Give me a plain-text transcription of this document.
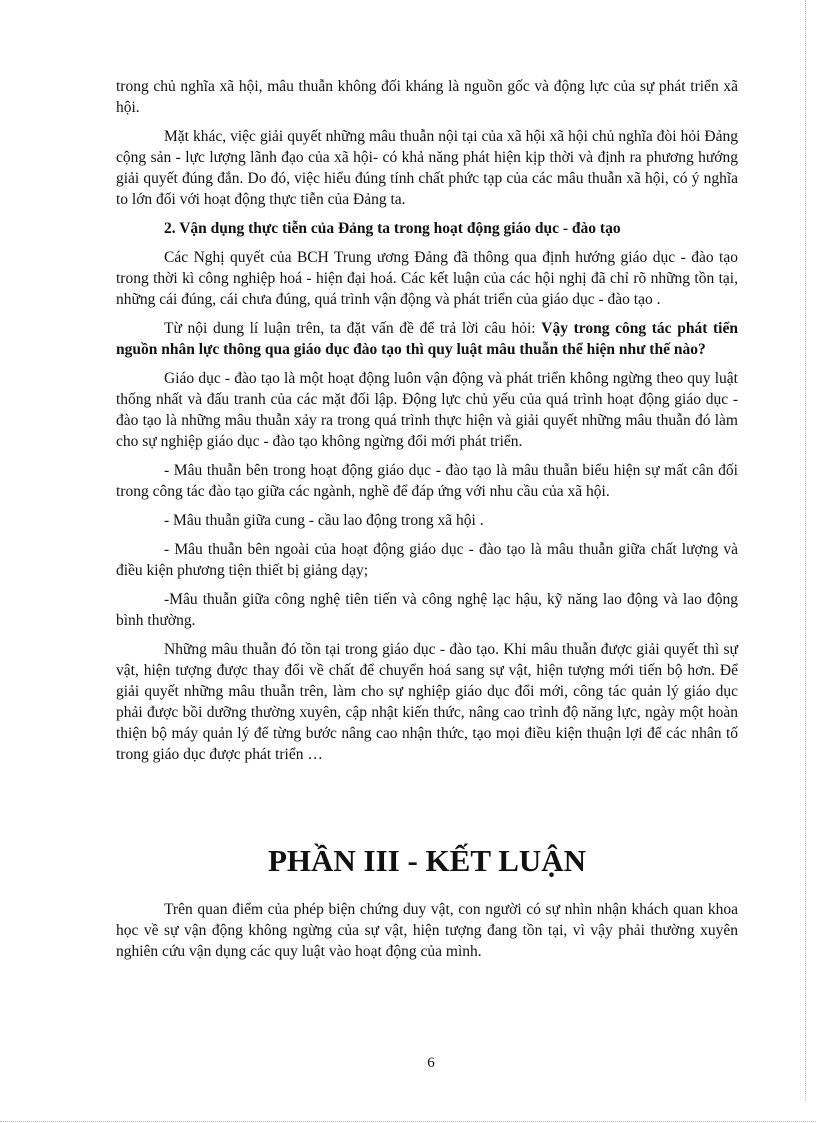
trong chủ nghĩa xã hội, mâu thuẫn không đối kháng là nguồn gốc và động lực của sự phát triển xã hội.

Mặt khác, việc giải quyết những mâu thuẫn nội tại của xã hội xã hội chủ nghĩa đòi hỏi Đảng cộng sản - lực lượng lãnh đạo của xã hội- có khả năng phát hiện kịp thời và định ra phương hướng giải quyết đúng đắn. Do đó, việc hiểu đúng tính chất phức tạp của các mâu thuẫn xã hội, có ý nghĩa to lớn đối với hoạt động thực tiễn của Đảng ta.

2. Vận dụng thực tiễn của Đảng ta trong hoạt động giáo dục - đào tạo

Các Nghị quyết của BCH Trung ương Đảng đã thông qua định hướng giáo dục - đào tạo trong thời kì công nghiệp hoá - hiện đại hoá. Các kết luận của các hội nghị đã chỉ rõ những tồn tại, những cái đúng, cái chưa đúng, quá trình vận động và phát triển của giáo dục - đào tạo .

Từ nội dung lí luận trên, ta đặt vấn đề để trả lời câu hỏi: Vậy trong công tác phát tiển nguồn nhân lực thông qua giáo dục đào tạo thì quy luật mâu thuẫn thể hiện như thế nào?

Giáo dục - đào tạo là một hoạt động luôn vận động và phát triển không ngừng theo quy luật thống nhất và đấu tranh của các mặt đối lập. Động lực chủ yếu của quá trình hoạt động giáo dục - đào tạo là những mâu thuẫn xảy ra trong quá trình thực hiện và giải quyết những mâu thuẫn đó làm cho sự nghiệp giáo dục - đào tạo không ngừng đổi mới phát triển.

- Mâu thuẫn bên trong hoạt động giáo dục - đào tạo là mâu thuẫn biểu hiện sự mất cân đối trong công tác đào tạo giữa các ngành, nghề để đáp ứng với nhu cầu của xã hội.

- Mâu thuẫn giữa cung - cầu lao động trong xã hội .

- Mâu thuẫn bên ngoài của hoạt động giáo dục - đào tạo là mâu thuẫn giữa chất lượng và điều kiện phương tiện thiết bị giảng dạy;

-Mâu thuẫn giữa công nghệ tiên tiến và công nghệ lạc hậu, kỹ năng lao động và lao động bình thường.

Những mâu thuẫn đó tồn tại trong giáo dục - đào tạo. Khi mâu thuẫn được giải quyết thì sự vật, hiện tượng được thay đổi về chất để chuyển hoá sang sự vật, hiện tượng mới tiến bộ hơn. Để giải quyết những mâu thuẫn trên, làm cho sự nghiệp giáo dục đổi mới, công tác quản lý giáo dục phải được bồi dưỡng thường xuyên, cập nhật kiến thức, nâng cao trình độ năng lực, ngày một hoàn thiện bộ máy quản lý để từng bước nâng cao nhận thức, tạo mọi điều kiện thuận lợi để các nhân tố trong giáo dục được phát triển …

PHẦN III - KẾT LUẬN

Trên quan điểm của phép biện chứng duy vật, con người có sự nhìn nhận khách quan khoa học về sự vận động không ngừng của sự vật, hiện tượng đang tồn tại, vì vậy phải thường xuyên nghiên cứu vận dụng các quy luật vào hoạt động của mình.

6
